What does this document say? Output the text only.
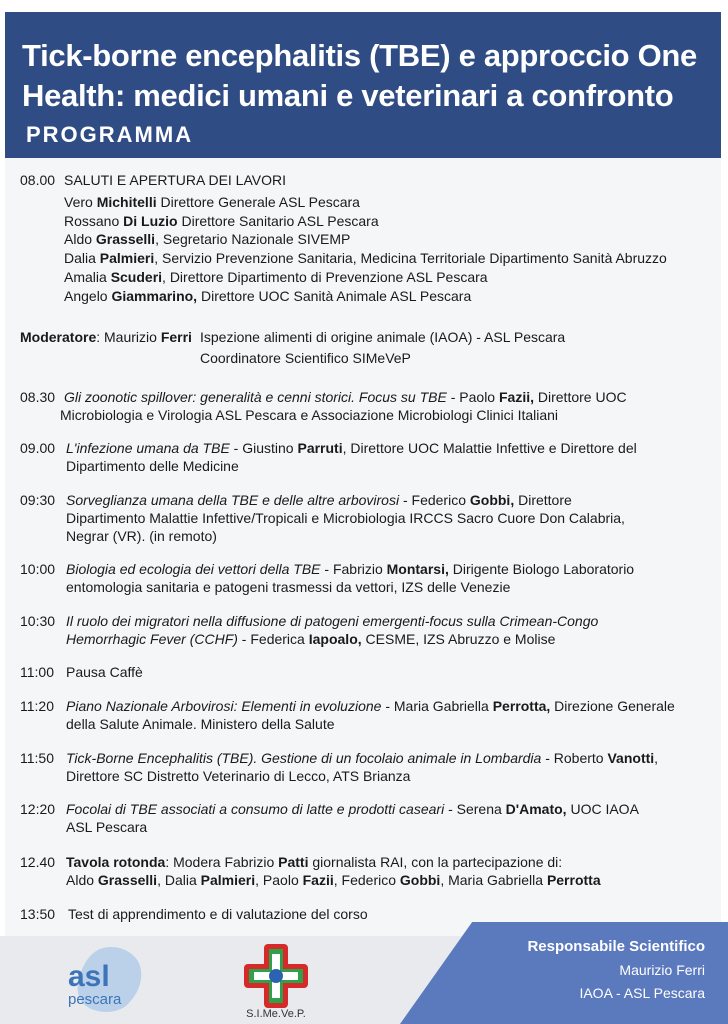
Tick-borne encephalitis (TBE) e approccio One
Health: medici umani e veterinari a confronto
PROGRAMMA
08.00 SALUTI E APERTURA DEI LAVORI
Vero Michitelli Direttore Generale ASL Pescara
Rossano Di Luzio Direttore Sanitario ASL Pescara
Aldo Grasselli, Segretario Nazionale SIVEMP
Dalia Palmieri, Servizio Prevenzione Sanitaria, Medicina Territoriale Dipartimento Sanità Abruzzo
Amalia Scuderi, Direttore Dipartimento di Prevenzione ASL Pescara
Angelo Giammarino, Direttore UOC Sanità Animale ASL Pescara
Moderatore: Maurizio Ferri Ispezione alimenti di origine animale (IAOA) - ASL Pescara
Coordinatore Scientifico SIMeVeP
08.30 Gli zoonotic spillover: generalità e cenni storici. Focus su TBE - Paolo Fazii, Direttore UOC
Microbiologia e Virologia ASL Pescara e Associazione Microbiologi Clinici Italiani
09.00 L'infezione umana da TBE - Giustino Parruti, Direttore UOC Malattie Infettive e Direttore del
Dipartimento delle Medicine
09:30 Sorveglianza umana della TBE e delle altre arbovirosi - Federico Gobbi, Direttore
Dipartimento Malattie Infettive/Tropicali e Microbiologia IRCCS Sacro Cuore Don Calabria,
Negrar (VR). (in remoto)
10:00 Biologia ed ecologia dei vettori della TBE - Fabrizio Montarsi, Dirigente Biologo Laboratorio
entomologia sanitaria e patogeni trasmessi da vettori, IZS delle Venezie
10:30 Il ruolo dei migratori nella diffusione di patogeni emergenti-focus sulla Crimean-Congo
Hemorrhagic Fever (CCHF) - Federica Iapoalo, CESME, IZS Abruzzo e Molise
11:00 Pausa Caffè
11:20 Piano Nazionale Arbovirosi: Elementi in evoluzione - Maria Gabriella Perrotta, Direzione Generale
della Salute Animale. Ministero della Salute
11:50 Tick-Borne Encephalitis (TBE). Gestione di un focolaio animale in Lombardia - Roberto Vanotti,
Direttore SC Distretto Veterinario di Lecco, ATS Brianza
12:20 Focolai di TBE associati a consumo di latte e prodotti caseari - Serena D'Amato, UOC IAOA
ASL Pescara
12.40 Tavola rotonda: Modera Fabrizio Patti giornalista RAI, con la partecipazione di:
Aldo Grasselli, Dalia Palmieri, Paolo Fazii, Federico Gobbi, Maria Gabriella Perrotta
13:50 Test di apprendimento e di valutazione del corso
asl
pescara
S.I.Me.Ve.P.
Responsabile Scientifico
Maurizio Ferri
IAOA - ASL Pescara
